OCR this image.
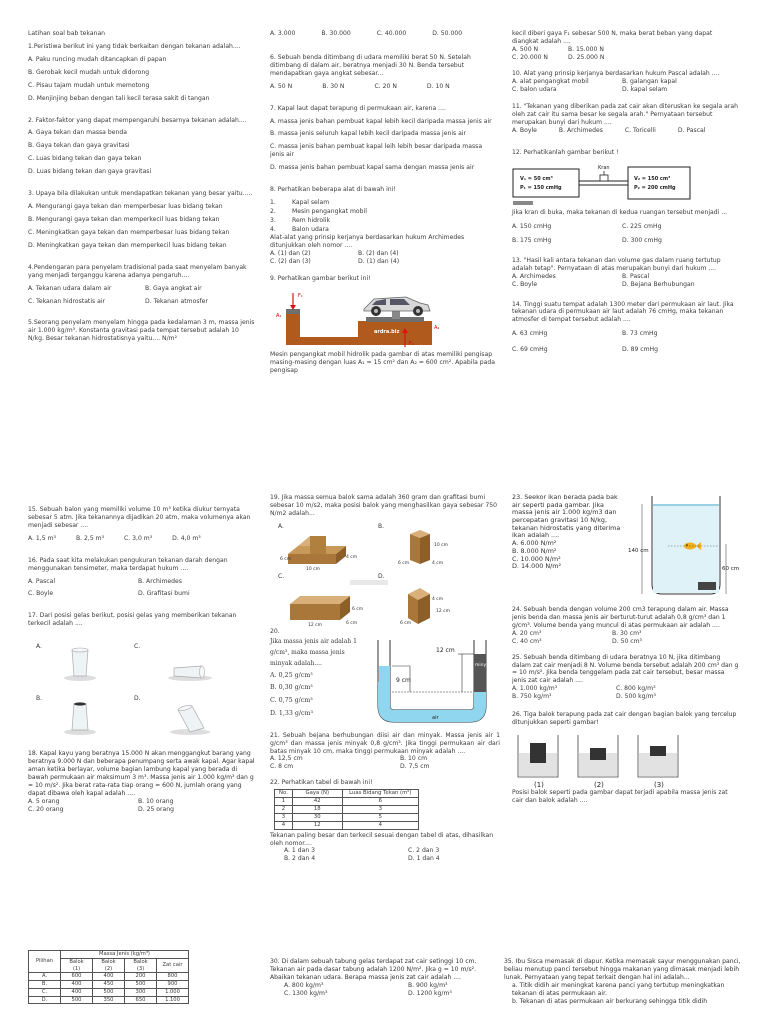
Latihan soal bab tekanan

1.Peristiwa berikut ini yang tidak berkaitan dengan tekanan adalah....

A. Paku runcing mudah ditancapkan di papan

B. Gerobak kecil mudah untuk didorong

C. Pisau tajam mudah untuk memotong

D. Menjinjing beban dengan tali kecil terasa sakit di tangan

2. Faktor-faktor yang dapat mempengaruhi besarnya tekanan adalah....

A. Gaya tekan dan massa benda

B. Gaya tekan dan gaya gravitasi

C. Luas bidang tekan dan gaya tekan

D. Luas bidang tekan dan gaya gravitasi

3. Upaya bila dilakukan untuk mendapatkan tekanan yang besar yaitu.....

A. Mengurangi gaya tekan dan memperbesar luas bidang tekan

B. Mengurangi gaya tekan dan memperkecil luas bidang tekan

C. Meningkatkan gaya tekan dan memperbesar luas bidang tekan

D. Meningkatkan gaya tekan dan memperkecil luas bidang tekan

4.Pendengaran para penyelam tradisional pada saat menyelam banyak yang menjadi terganggu karena adanya pengaruh....

A. Tekanan udara dalam air	B. Gaya angkat air

C. Tekanan hidrostatis air	D. Tekanan atmosfer

5.Seorang penyelam menyelam hingga pada kedalaman 3 m, massa jenis air 1.000 kg/m³. Konstanta gravitasi pada tempat tersebut adalah 10 N/kg. Besar tekanan hidrostatisnya yaitu.... N/m²

A. 3.000	B. 30.000	C. 40.000	D. 50.000

6. Sebuah benda ditimbang di udara memiliki berat 50 N. Setelah ditimbang di dalam air, beratnya menjadi 30 N. Benda tersebut mendapatkan gaya angkat sebesar...

A. 50 N	B. 30 N	C. 20 N	D. 10 N

7. Kapal laut dapat terapung di permukaan air, karena ....

A. massa jenis bahan pembuat kapal lebih kecil daripada massa jenis air

B. massa jenis seluruh kapal lebih kecil daripada massa jenis air

C. massa jenis bahan pembuat kapal leih lebih besar daripada massa jenis air

D. massa jenis bahan pembuat kapal sama dengan massa jenis air

8. Perhatikan beberapa alat di bawah ini!

1.	Kapal selam
2.	Mesin pengangkat mobil
3.	Rem hidrolik
4.	Balon udara

Alat-alat yang prinsip kerjanya berdasarkan hukum Archimedes ditunjukkan oleh nomor ....

A. (1) dan (2)	B. (2) dan (4)

C. (2) dan (3)	D. (1) dan (4)

9. Perhatikan gambar berikut ini!

A₁
A₂
F₁
F₂
ardra.biz

Mesin pengangkat mobil hidrolik pada gambar di atas memiliki pengisap masing-masing dengan luas A₁ = 15 cm² dan A₂ = 600 cm². Apabila pada pengisap

kecil diberi gaya F₁ sebesar 500 N, maka berat beban yang dapat diangkat adalah ....

A. 500 N	B. 15.000 N

C. 20.000 N	D. 25.000 N

10. Alat yang prinsip kerjanya berdasarkan hukum Pascal adalah ....

A. alat pengangkat mobil	B. galangan kapal

C. balon udara	D. kapal selam

11. "Tekanan yang diberikan pada zat cair akan diteruskan ke segala arah oleh zat cair itu sama besar ke segala arah." Pernyataan tersebut merupakan bunyi dari hukum ....

A. Boyle	B. Archimedes	C. Toricelli	D. Pascal

12. Perhatikanlah gambar berikut !

Kran
V₁ = 50 cm³
P₁ = 150 cmHg
V₂ = 150 cm³
P₂ = 200 cmHg

Jika kran di buka, maka tekanan di kedua ruangan tersebut menjadi ...

A. 150 cmHg	C. 225 cmHg

B. 175 cmHg	D. 300 cmHg

13. "Hasil kali antara tekanan dan volume gas dalam ruang tertutup adalah tetap". Pernyataan di atas merupakan bunyi dari hukum ....

A. Archimedes	B. Pascal

C. Boyle	D. Bejana Berhubungan

14. Tinggi suatu tempat adalah 1300 meter dari permukaan air laut. Jika tekanan udara di permukaan air laut adalah 76 cmHg, maka tekanan atmosfer di tempat tersebut adalah ....

A. 63 cmHg	B. 73 cmHg

C. 69 cmHg	D. 89 cmHg

15. Sebuah balon yang memiliki volume 10 m³ ketika diukur ternyata sebesar 5 atm. Jika tekanannya dijadikan 20 atm, maka volumenya akan menjadi sebesar ....

A. 1,5 m³	B. 2,5 m³	C. 3,0 m³	D. 4,0 m³

16. Pada saat kita melakukan pengukuran tekanan darah dengan menggunakan tensimeter, maka terdapat hukum ....

A. Pascal	B. Archimedes

C. Boyle	D. Grafitasi bumi

17. Dari posisi gelas berikut, posisi gelas yang memberikan tekanan terkecil adalah ....

A.	C.
B.	D.

18. Kapal kayu yang beratnya 15.000 N akan menggangkut barang yang beratnya 9.000 N dan beberapa penumpang serta awak kapal. Agar kapal aman ketika berlayar, volume bagian lambung kapal yang berada di bawah permukaan air maksimum 3 m³. Massa jenis air 1.000 kg/m³ dan g = 10 m/s². Jika berat rata-rata tiap orang = 600 N, jumlah orang yang dapat dibawa oleh kapal adalah ....

A. 5 orang	B. 10 orang

C. 20 orang	D. 25 orang

19. Jika massa semua balok sama adalah 360 gram dan grafitasi bumi sebesar 10 m/s2, maka posisi balok yang menghasilkan gaya sebesar 750 N/m2 adalah...

A.	B.
C.	D.
4 cm
10 cm
6 cm
10 cm
4 cm
6 cm
6 cm
12 cm	6 cm
4 cm
12 cm
6 cm

20.

Jika massa jenis air adalah 1 g/cm³, maka massa jenis minyak adalah....

A. 0,25 g/cm³

B. 0,30 g/cm³

C. 0,75 g/cm³

D. 1,33 g/cm³

12 cm
9 cm
minyak
air

21. Sebuah bejana berhubungan diisi air dan minyak. Massa jenis air 1 g/cm³ dan massa jenis minyak 0,8 g/cm³. Jika tinggi permukaan air dari batas minyak 10 cm, maka tinggi permukaan minyak adalah ....

A. 12,5 cm	B. 10 cm

C. 8 cm	D. 7,5 cm

22. Perhatikan tabel di bawah ini!

No.	Gaya (N)	Luas Bidang Tekan (m²)
1	42	6
2	18	3
3	30	5
4	12	4

Tekanan paling besar dan terkecil sesuai dengan tabel di atas, dihasilkan oleh nomor....

A. 1 dan 3	C. 2 dan 3

B. 2 dan 4	D. 1 dan 4

23. Seekor ikan berada pada bak air seperti pada gambar. Jika massa jenis air 1.000 kg/m3 dan percepatan gravitasi 10 N/kg, tekanan hidrostatis yang diterima ikan adalah ....

A. 6.000 N/m²

B. 8.000 N/m²

C. 10.000 N/m²

D. 14.000 N/m²

140 cm
60 cm

24. Sebuah benda dengan volume 200 cm3 terapung dalam air. Massa jenis benda dan massa jenis air berturut-turut adalah 0,8 g/cm³ dan 1 g/cm³. Volume benda yang muncul di atas permukaan air adalah ....

A. 20 cm³	B. 30 cm³

C. 40 cm³	D. 50 cm³

25. Sebuah benda ditimbang di udara beratnya 10 N, jika ditimbang dalam zat cair menjadi 8 N. Volume benda tersebut adalah 200 cm³ dan g = 10 m/s². Jika benda tenggelam pada zat cair tersebut, besar massa jenis zat cair adalah ....

A. 1.000 kg/m³	C. 800 kg/m³

B. 750 kg/m³	D. 500 kg/m³

26. Tiga balok terapung pada zat cair dengan bagian balok yang tercelup ditunjukkan seperti gambar!

(1)	(2)	(3)

Posisi balok seperti pada gambar dapat terjadi apabila massa jenis zat cair dan balok adalah ....

Pilihan	Massa Jenis (kg/m³)			
	Balok (1)	Balok (2)	Balok (3)	Zat cair
A.	600	400	200	800
B.	400	450	500	900
C.	400	500	300	1.000
D.	500	350	650	1.100

30. Di dalam sebuah tabung gelas terdapat zat cair setinggi 10 cm. Tekanan air pada dasar tabung adalah 1200 N/m². Jika g = 10 m/s². Abaikan tekanan udara. Berapa massa jenis zat cair adalah ....

A. 800 kg/m³	B. 900 kg/m³

C. 1300 kg/m³	D. 1200 kg/m³

35. Ibu Sisca memasak di dapur. Ketika memasak sayur menggunakan panci, beliau menutup panci tersebut hingga makanan yang dimasak menjadi lebih lunak. Pernyataan yang tepat terkait dengan hal ini adalah...

a. Titik didih air meningkat karena panci yang tertutup meningkatkan tekanan di atas permukaan air.

b. Tekanan di atas permukaan air berkurang sehingga titik didih
